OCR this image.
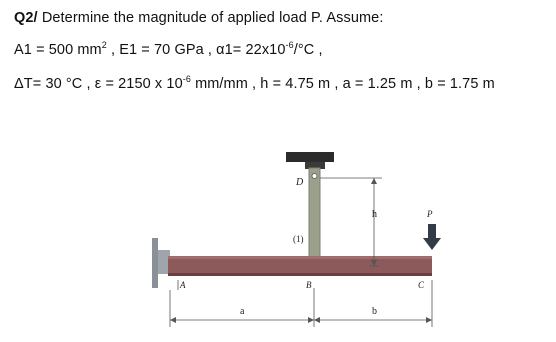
Q2/ Determine the magnitude of applied load P. Assume:
A1 = 500 $mm^2$ , E1 = 70 GPa , $\alpha 1= 22x10^{-6}/^\circ C$ ,
ΔT= 30 °C , ε = 2150 x $10^{-6}$ mm/mm , h = 4.75 m , a = 1.25 m , b = 1.75 m
D
(1)
A	B	C
h	P
a	b
